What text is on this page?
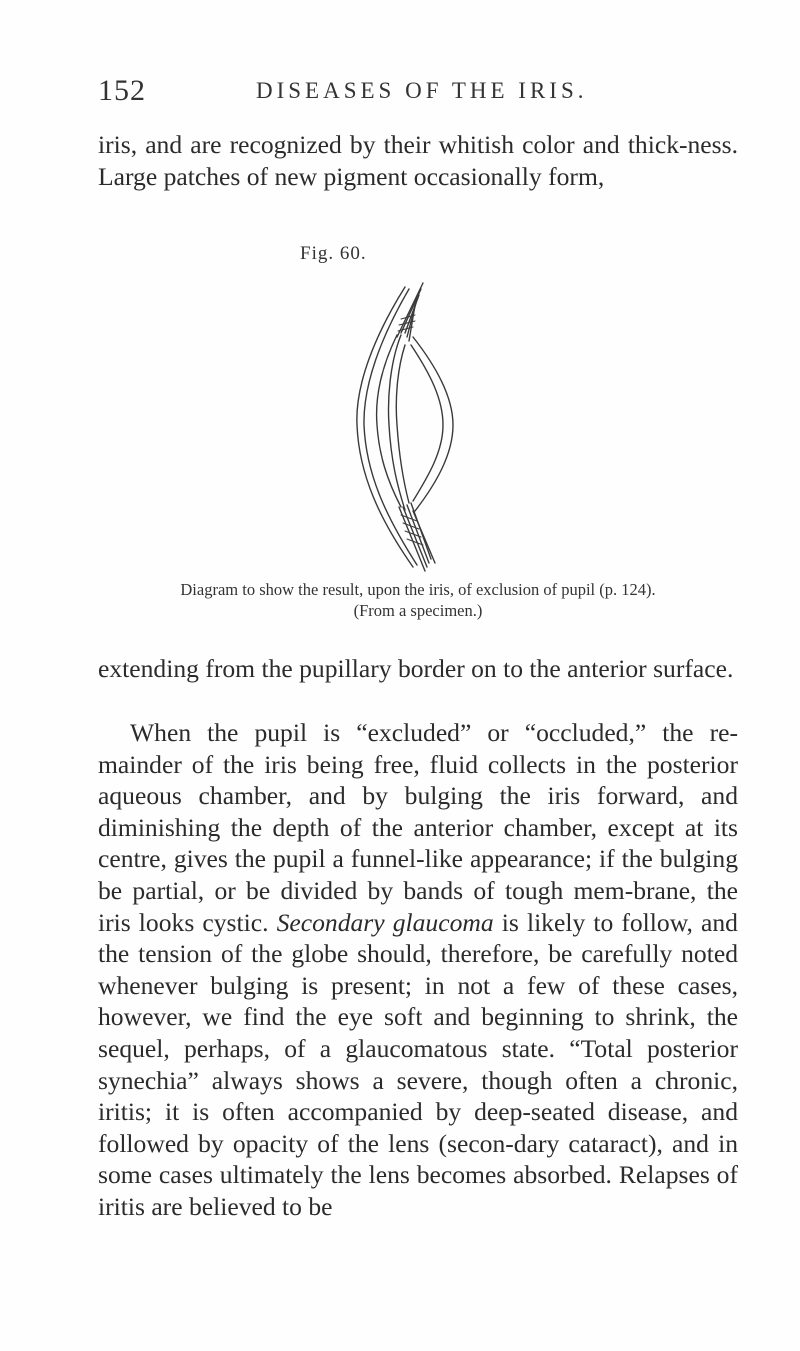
152	DISEASES OF THE IRIS.

iris, and are recognized by their whitish color and thick-ness. Large patches of new pigment occasionally form,

Fig. 60.

Diagram to show the result, upon the iris, of exclusion of pupil (p. 124).
(From a specimen.)

extending from the pupillary border on to the anterior surface.

When the pupil is “excluded” or “occluded,” the re-mainder of the iris being free, fluid collects in the posterior aqueous chamber, and by bulging the iris forward, and diminishing the depth of the anterior chamber, except at its centre, gives the pupil a funnel-like appearance; if the bulging be partial, or be divided by bands of tough mem-brane, the iris looks cystic. Secondary glaucoma is likely to follow, and the tension of the globe should, therefore, be carefully noted whenever bulging is present; in not a few of these cases, however, we find the eye soft and beginning to shrink, the sequel, perhaps, of a glaucomatous state. “Total posterior synechia” always shows a severe, though often a chronic, iritis; it is often accompanied by deep-seated disease, and followed by opacity of the lens (secon-dary cataract), and in some cases ultimately the lens becomes absorbed. Relapses of iritis are believed to be
